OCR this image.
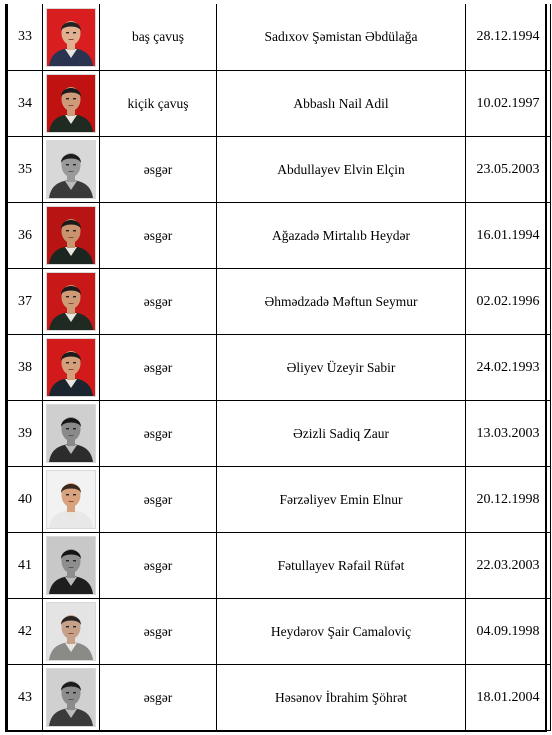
33		baş çavuş	Sadıxov Şəmistan Əbdülağa	28.12.1994
34		kiçik çavuş	Abbaslı Nail Adil	10.02.1997
35		əsgər	Abdullayev Elvin Elçin	23.05.2003
36		əsgər	Ağazadə Mirtalıb Heydər	16.01.1994
37		əsgər	Əhmədzadə Məftun Seymur	02.02.1996
38		əsgər	Əliyev Üzeyir Sabir	24.02.1993
39		əsgər	Əzizli Sadiq Zaur	13.03.2003
40		əsgər	Fərzəliyev Emin Elnur	20.12.1998
41		əsgər	Fətullayev Rəfail Rüfət	22.03.2003
42		əsgər	Heydərov Şair Camaloviç	04.09.1998
43		əsgər	Həsənov İbrahim Şöhrət	18.01.2004
